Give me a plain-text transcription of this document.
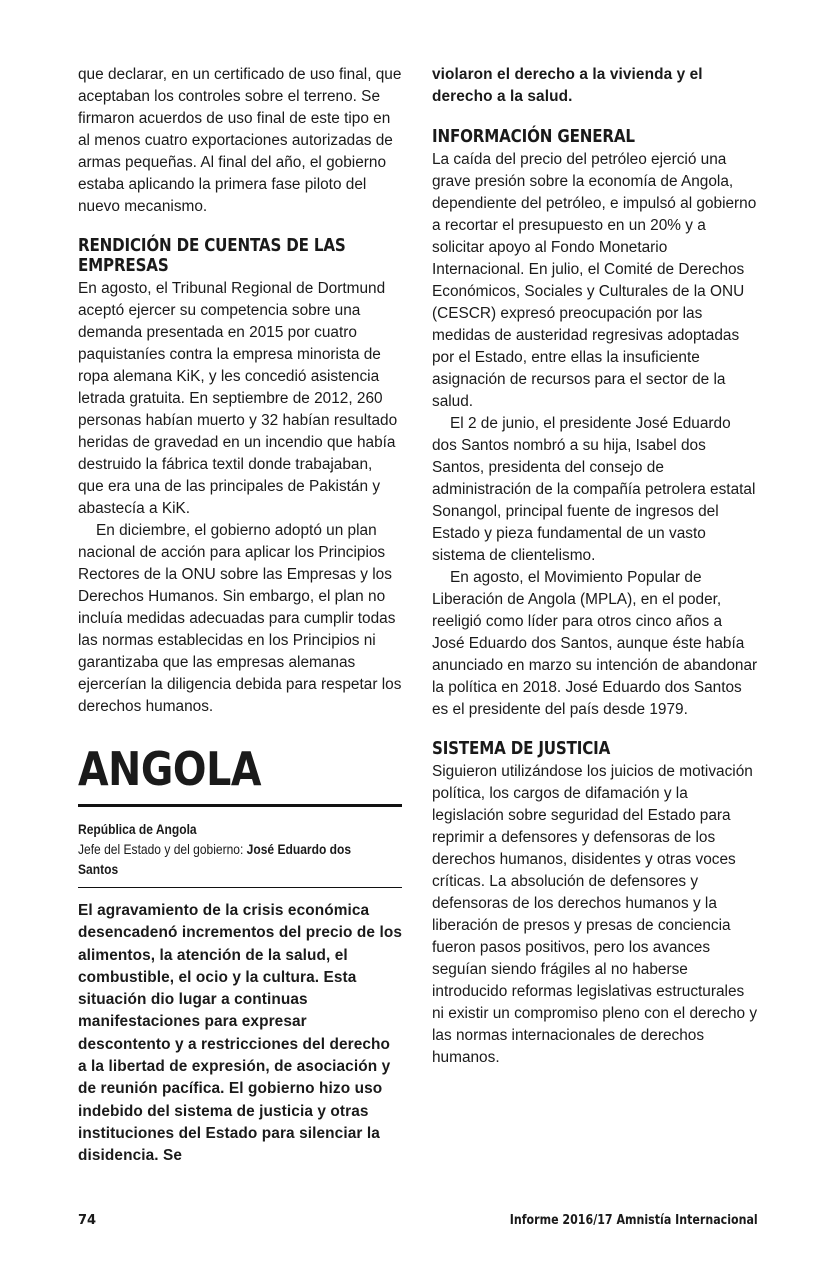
que declarar, en un certificado de uso final, que aceptaban los controles sobre el terreno. Se firmaron acuerdos de uso final de este tipo en al menos cuatro exportaciones autorizadas de armas pequeñas. Al final del año, el gobierno estaba aplicando la primera fase piloto del nuevo mecanismo.

RENDICIÓN DE CUENTAS DE LAS
EMPRESAS

En agosto, el Tribunal Regional de Dortmund aceptó ejercer su competencia sobre una demanda presentada en 2015 por cuatro paquistaníes contra la empresa minorista de ropa alemana KiK, y les concedió asistencia letrada gratuita. En septiembre de 2012, 260 personas habían muerto y 32 habían resultado heridas de gravedad en un incendio que había destruido la fábrica textil donde trabajaban, que era una de las principales de Pakistán y abastecía a KiK.

En diciembre, el gobierno adoptó un plan nacional de acción para aplicar los Principios Rectores de la ONU sobre las Empresas y los Derechos Humanos. Sin embargo, el plan no incluía medidas adecuadas para cumplir todas las normas establecidas en los Principios ni garantizaba que las empresas alemanas ejercerían la diligencia debida para respetar los derechos humanos.

ANGOLA
República de Angola
Jefe del Estado y del gobierno: José Eduardo dos
Santos

El agravamiento de la crisis económica desencadenó incrementos del precio de los alimentos, la atención de la salud, el combustible, el ocio y la cultura. Esta situación dio lugar a continuas manifestaciones para expresar descontento y a restricciones del derecho a la libertad de expresión, de asociación y de reunión pacífica. El gobierno hizo uso indebido del sistema de justicia y otras instituciones del Estado para silenciar la disidencia. Se

violaron el derecho a la vivienda y el derecho a la salud.

INFORMACIÓN GENERAL

La caída del precio del petróleo ejerció una grave presión sobre la economía de Angola, dependiente del petróleo, e impulsó al gobierno a recortar el presupuesto en un 20% y a solicitar apoyo al Fondo Monetario Internacional. En julio, el Comité de Derechos Económicos, Sociales y Culturales de la ONU (CESCR) expresó preocupación por las medidas de austeridad regresivas adoptadas por el Estado, entre ellas la insuficiente asignación de recursos para el sector de la salud.

El 2 de junio, el presidente José Eduardo dos Santos nombró a su hija, Isabel dos Santos, presidenta del consejo de administración de la compañía petrolera estatal Sonangol, principal fuente de ingresos del Estado y pieza fundamental de un vasto sistema de clientelismo.

En agosto, el Movimiento Popular de Liberación de Angola (MPLA), en el poder, reeligió como líder para otros cinco años a José Eduardo dos Santos, aunque éste había anunciado en marzo su intención de abandonar la política en 2018. José Eduardo dos Santos es el presidente del país desde 1979.

SISTEMA DE JUSTICIA

Siguieron utilizándose los juicios de motivación política, los cargos de difamación y la legislación sobre seguridad del Estado para reprimir a defensores y defensoras de los derechos humanos, disidentes y otras voces críticas. La absolución de defensores y defensoras de los derechos humanos y la liberación de presos y presas de conciencia fueron pasos positivos, pero los avances seguían siendo frágiles al no haberse introducido reformas legislativas estructurales ni existir un compromiso pleno con el derecho y las normas internacionales de derechos humanos.

74	Informe 2016/17 Amnistía Internacional
